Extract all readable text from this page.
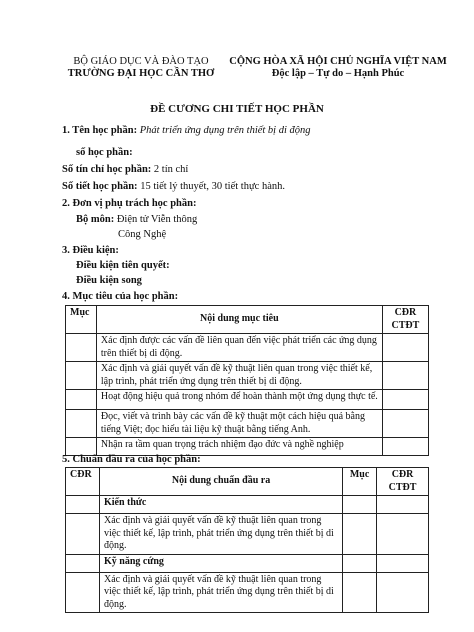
BỘ GIÁO DỤC VÀ ĐÀO TẠO
TRƯỜNG ĐẠI HỌC CẦN THƠ
CỘNG HÒA XÃ HỘI CHỦ NGHĨA VIỆT NAM
Độc lập – Tự do – Hạnh Phúc
ĐỀ CƯƠNG CHI TIẾT HỌC PHẦN
1. Tên học phần: Phát triển ứng dụng trên thiết bị di động
số học phần:
Số tín chỉ học phần: 2 tín chỉ
Số tiết học phần: 15 tiết lý thuyết, 30 tiết thực hành.
2. Đơn vị phụ trách học phần:
Bộ môn: Điện tử Viễn thông
Công Nghệ
3. Điều kiện:
Điều kiện tiên quyết:
Điều kiện song
4. Mục tiêu của học phần:
Mục	Nội dung mục tiêu	CĐR
CTĐT

	Xác định được các vấn đề liên quan đến việc phát triển các ứng dụng trên thiết bị di động.	
	Xác định và giải quyết vấn đề kỹ thuật liên quan trong việc thiết kế, lập trình, phát triển ứng dụng trên thiết bị di động.	
	Hoạt động hiệu quả trong nhóm để hoàn thành một ứng dụng thực tế.	
	Đọc, viết và trình bày các vấn đề kỹ thuật một cách hiệu quả bằng tiếng Việt; đọc hiểu tài liệu kỹ thuật bằng tiếng Anh.	
	Nhận ra tầm quan trọng trách nhiệm đạo đức và nghề nghiệp	
5. Chuẩn đầu ra của học phần:
CĐR	Nội dung chuẩn đầu ra	Mục	CĐR
CTĐT

	Kiến thức		
	Xác định và giải quyết vấn đề kỹ thuật liên quan trong việc thiết kế, lập trình, phát triển ứng dụng trên thiết bị di động.		
	Kỹ năng cứng		
	Xác định và giải quyết vấn đề kỹ thuật liên quan trong việc thiết kế, lập trình, phát triển ứng dụng trên thiết bị di động.		
